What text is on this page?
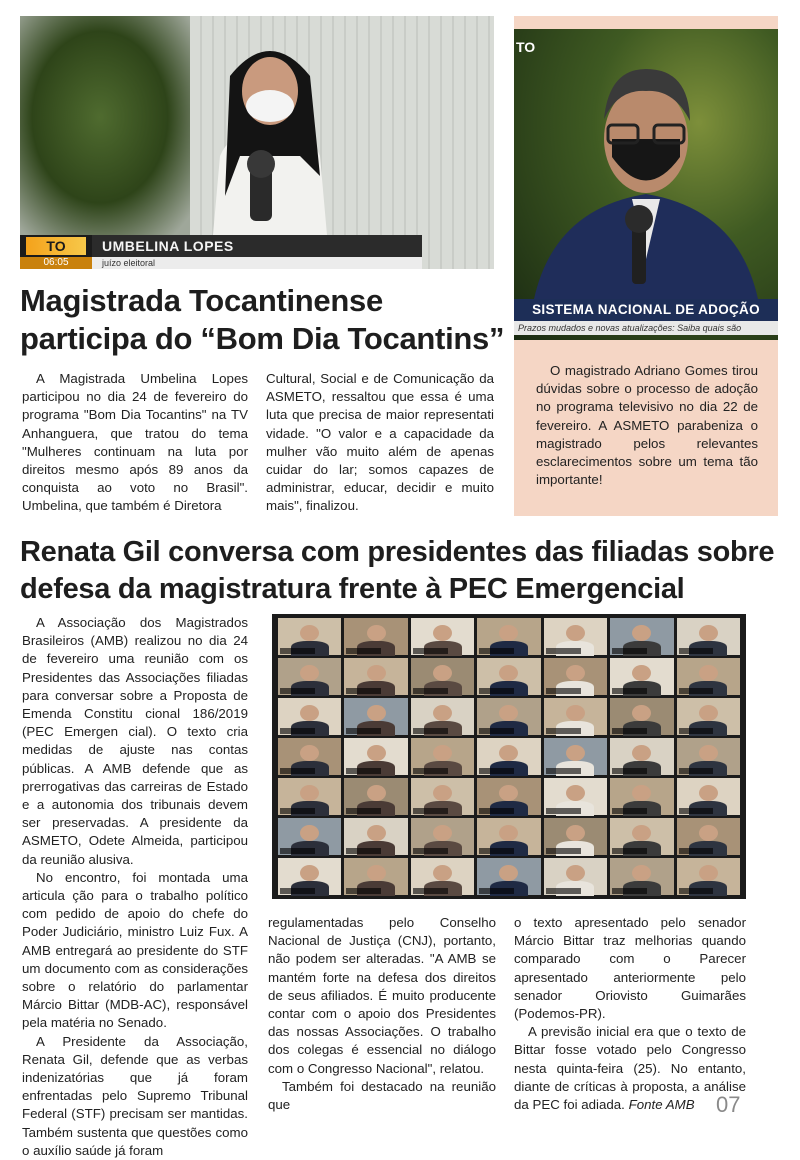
TO
06:05
UMBELINA LOPES
juízo eleitoral
Magistrada Tocantinense
participa do “Bom Dia Tocantins”

A Magistrada Umbelina Lopes participou no dia 24 de fevereiro do programa "Bom Dia Tocantins" na TV Anhanguera, que tratou do tema "Mulheres continuam na luta por direitos mesmo após 89 anos da conquista ao voto no Brasil". Umbelina, que também é Diretora

Cultural, Social e de Comunicação da ASMETO, ressaltou que essa é uma luta que precisa de maior representati vidade. "O valor e a capacidade da mulher vão muito além de apenas cuidar do lar; somos capazes de administrar, educar, decidir e muito mais", finalizou.

TO
SISTEMA NACIONAL DE ADOÇÃO
Prazos mudados e novas atualizações: Saiba quais são

O magistrado Adriano Gomes tirou dúvidas sobre o processo de adoção no programa televisivo no dia 22 de fevereiro. A ASMETO parabeniza o magistrado pelos relevantes esclarecimentos sobre um tema tão importante!

Renata Gil conversa com presidentes das filiadas sobre
defesa da magistratura frente à PEC Emergencial

A Associação dos Magistrados Brasileiros (AMB) realizou no dia 24 de fevereiro uma reunião com os Presidentes das Associações filiadas para conversar sobre a Proposta de Emenda Constitu cional 186/2019 (PEC Emergen cial). O texto cria medidas de ajuste nas contas públicas. A AMB defende que as prerrogativas das carreiras de Estado e a autonomia dos tribunais devem ser preservadas. A presidente da ASMETO, Odete Almeida, participou da reunião alusiva.

No encontro, foi montada uma articula ção para o trabalho político com pedido de apoio do chefe do Poder Judiciário, ministro Luiz Fux. A AMB entregará ao presidente do STF um documento com as considerações sobre o relatório do parlamentar Márcio Bittar (MDB-AC), responsável pela matéria no Senado.

A Presidente da Associação, Renata Gil, defende que as verbas indenizatórias que já foram enfrentadas pelo Supremo Tribunal Federal (STF) precisam ser mantidas. Também sustenta que questões como o auxílio saúde já foram

regulamentadas pelo Conselho Nacional de Justiça (CNJ), portanto, não podem ser alteradas. "A AMB se mantém forte na defesa dos direitos de seus afiliados. É muito producente contar com o apoio dos Presidentes das nossas Associações. O trabalho dos colegas é essencial no diálogo com o Congresso Nacional", relatou.

Também foi destacado na reunião que

o texto apresentado pelo senador Márcio Bittar traz melhorias quando comparado com o Parecer apresentado anteriormente pelo senador Oriovisto Guimarães (Podemos-PR).

A previsão inicial era que o texto de Bittar fosse votado pelo Congresso nesta quinta-feira (25). No entanto, diante de críticas à proposta, a análise da PEC foi adiada. Fonte AMB 07
